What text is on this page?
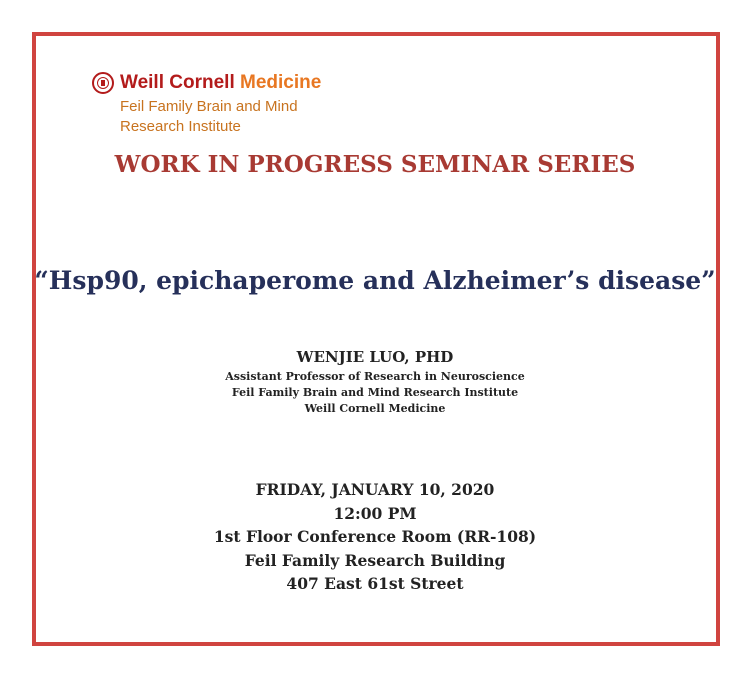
Weill Cornell Medicine
Feil Family Brain and Mind
Research Institute
WORK IN PROGRESS SEMINAR SERIES
“Hsp90, epichaperome and Alzheimer’s disease”
WENJIE LUO, PHD
Assistant Professor of Research in Neuroscience
Feil Family Brain and Mind Research Institute
Weill Cornell Medicine
FRIDAY, JANUARY 10, 2020
12:00 PM
1st Floor Conference Room (RR-108)
Feil Family Research Building
407 East 61st Street
